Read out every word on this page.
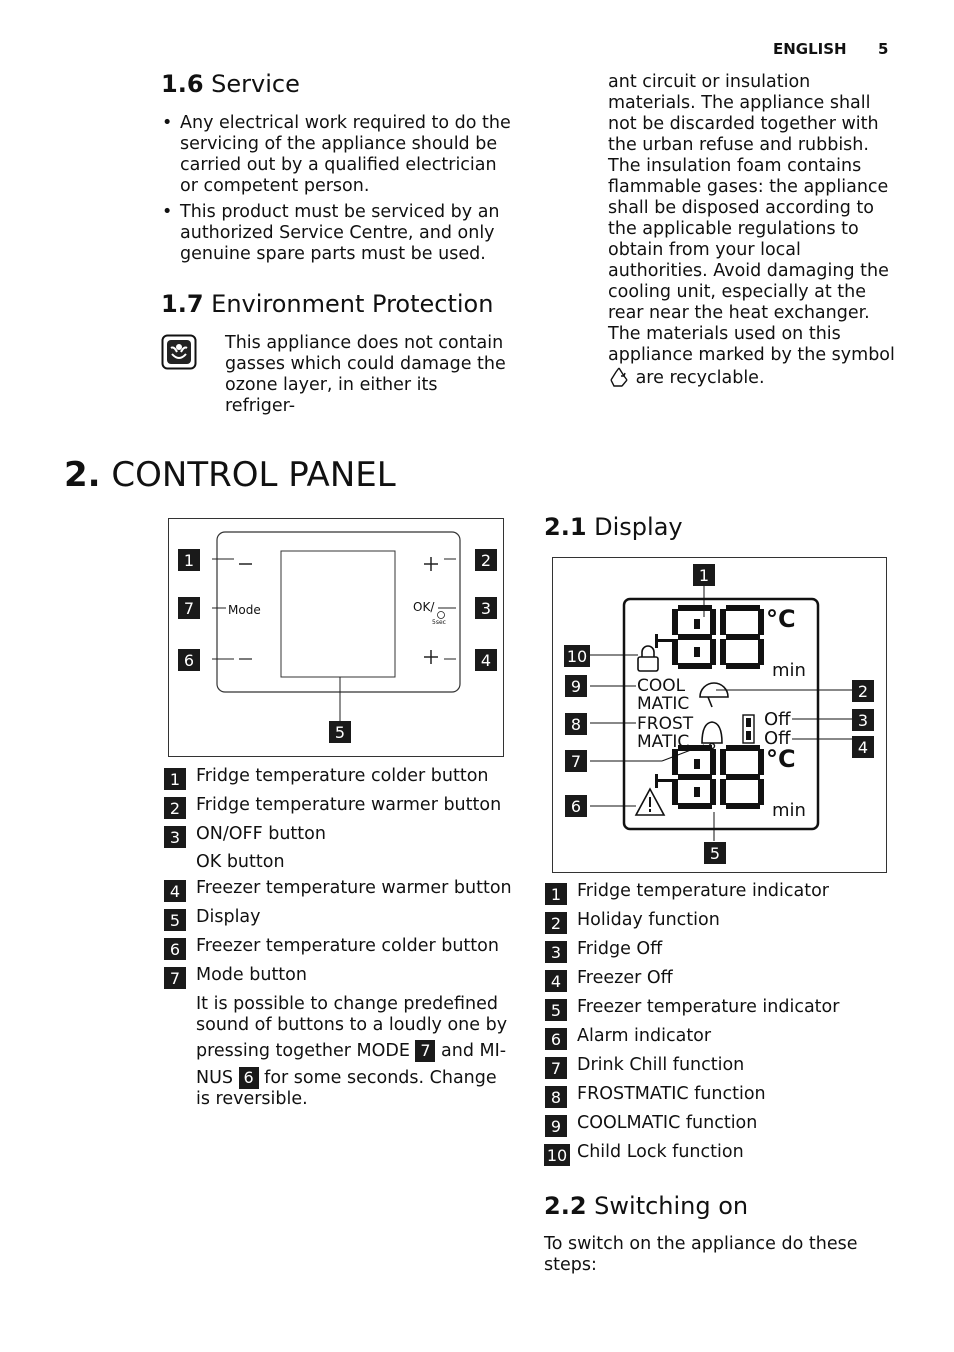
ENGLISH 5
1.6 Service
• Any electrical work required to do the servicing of the appliance should be carried out by a qualified electrician or competent person.
• This product must be serviced by an authorized Service Centre, and only genuine spare parts must be used.
1.7 Environment Protection
This appliance does not contain gasses which could damage the ozone layer, in either its refriger-
ant circuit or insulation materials. The appliance shall not be discarded together with the urban refuse and rubbish. The insulation foam contains flammable gases: the appliance shall be disposed according to the applicable regulations to obtain from your local authorities. Avoid damaging the cooling unit, especially at the rear near the heat exchanger. The materials used on this appliance marked by the symbol  are recyclable.
2. CONTROL PANEL
Mode	OK/
5sec
1	2
3
4
5
6
7
1 Fridge temperature colder button
2 Fridge temperature warmer button
3 ON/OFF button
OK button
4 Freezer temperature warmer button
5 Display
6 Freezer temperature colder button
7 Mode button
It is possible to change predefined
sound of buttons to a loudly one by
pressing together MODE 7 and MI-
NUS 6 for some seconds. Change
is reversible.
2.1 Display
°C
min
°C
min
COOL
MATIC
FROST
MATIC
Off
Off
1
2
3
4
5
6
7
8
9
10
1 Fridge temperature indicator
2 Holiday function
3 Fridge Off
4 Freezer Off
5 Freezer temperature indicator
6 Alarm indicator
7 Drink Chill function
8 FROSTMATIC function
9 COOLMATIC function
10 Child Lock function
2.2 Switching on
To switch on the appliance do these steps:
